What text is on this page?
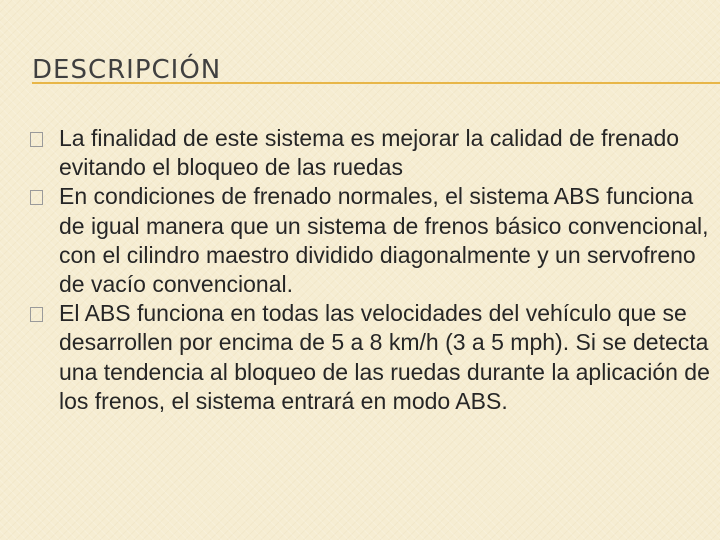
DESCRIPCIÓN
La finalidad de este sistema es mejorar la calidad de frenado evitando el bloqueo de las ruedas
En condiciones de frenado normales, el sistema ABS funciona de igual manera que un sistema de frenos básico convencional, con el cilindro maestro dividido diagonalmente y un servofreno de vacío convencional.
El ABS funciona en todas las velocidades del vehículo que se desarrollen por encima de 5 a 8 km/h (3 a 5 mph). Si se detecta una tendencia al bloqueo de las ruedas durante la aplicación de los frenos, el sistema entrará en modo ABS.
